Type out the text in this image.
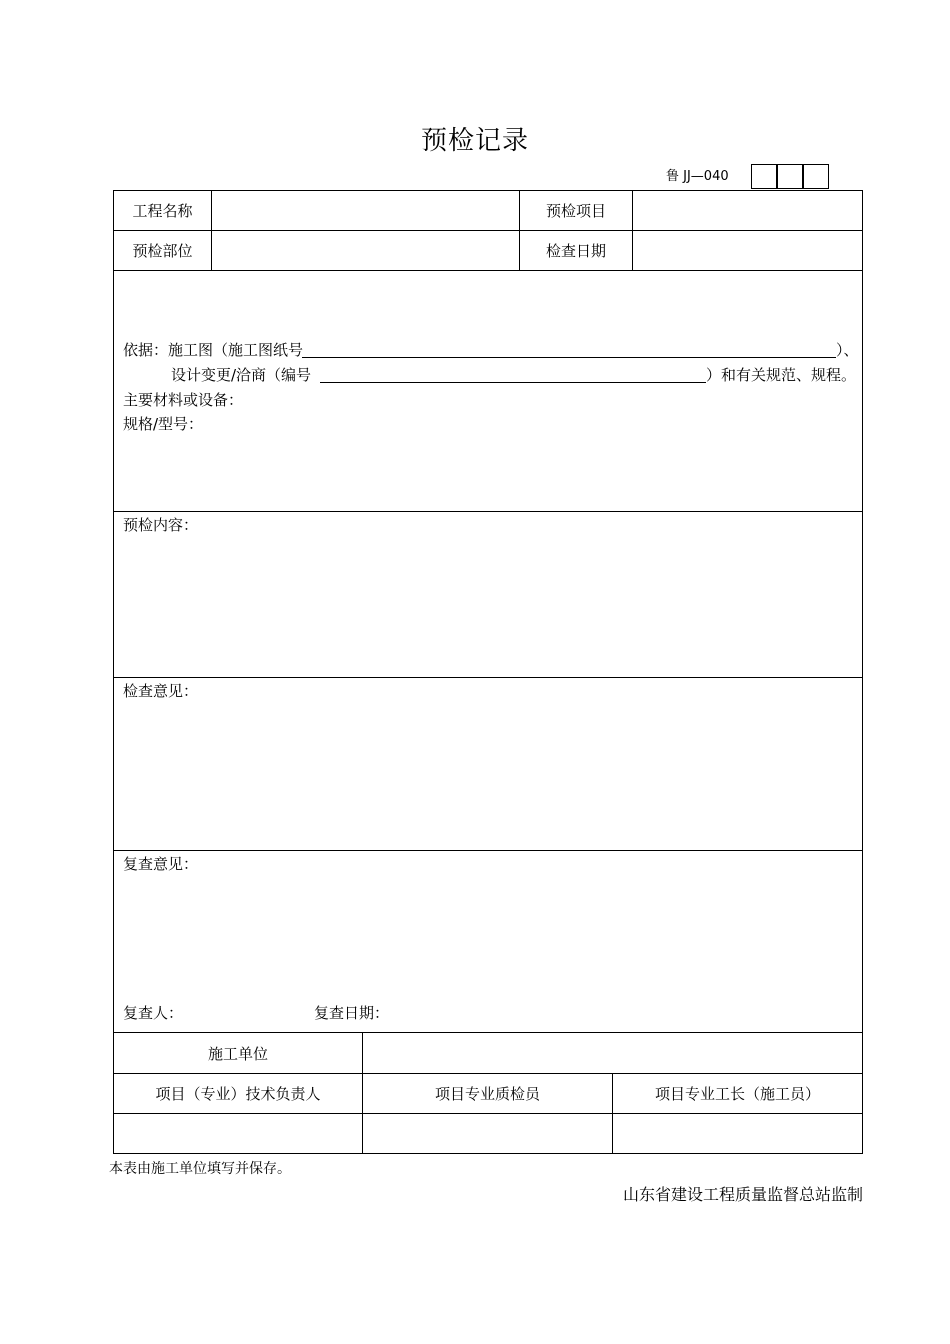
预检记录
鲁 JJ—040
工程名称	预检项目
预检部位	检查日期
依据：施工图（施工图纸号	）、
设计变更/洽商（编号	）和有关规范、规程。
主要材料或设备：
规格/型号：
预检内容：
检查意见：
复查意见：
复查人：	复查日期：
施工单位
项目（专业）技术负责人	项目专业质检员	项目专业工长（施工员）
本表由施工单位填写并保存。
山东省建设工程质量监督总站监制
